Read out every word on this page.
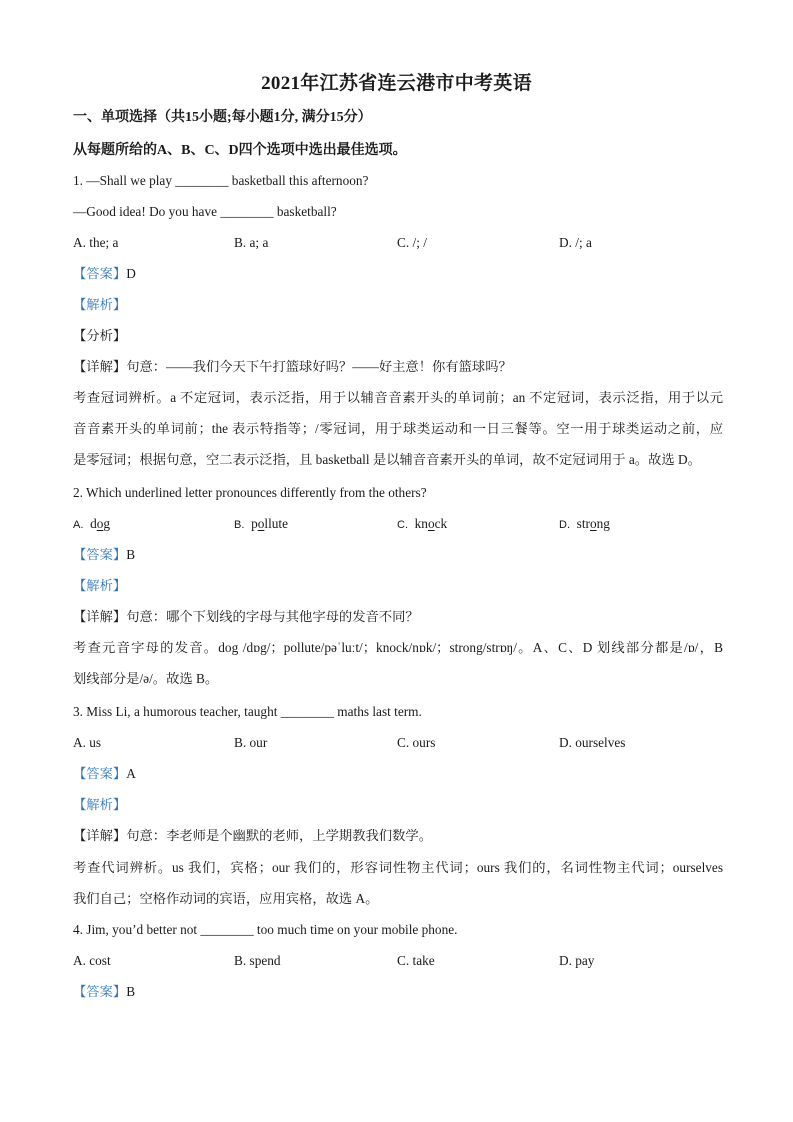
2021年江苏省连云港市中考英语
一、单项选择（共15小题;每小题1分, 满分15分）
从每题所给的A、B、C、D四个选项中选出最佳选项。
1. —Shall we play ________ basketball this afternoon?
—Good idea! Do you have ________ basketball?
A. the; a	B. a; a	C. /; /	D. /; a
【答案】D
【解析】
【分析】
【详解】句意：——我们今天下午打篮球好吗？——好主意！你有篮球吗？
考查冠词辨析。a 不定冠词，表示泛指，用于以辅音音素开头的单词前；an 不定冠词，表示泛指，用于以元
音音素开头的单词前；the 表示特指等；/零冠词，用于球类运动和一日三餐等。空一用于球类运动之前，应
是零冠词；根据句意，空二表示泛指，且 basketball 是以辅音音素开头的单词，故不定冠词用于 a。故选 D。
2. Which underlined letter pronounces differently from the others?
A. dog	B. pollute	C. knock	D. strong
【答案】B
【解析】
【详解】句意：哪个下划线的字母与其他字母的发音不同？
考查元音字母的发音。dog /dɒg/；pollute/pəˈluːt/；knock/nɒk/；strong/strɒŋ/。A、C、D 划线部分都是/ɒ/，B
划线部分是/ə/。故选 B。
3. Miss Li, a humorous teacher, taught ________ maths last term.
A. us	B. our	C. ours	D. ourselves
【答案】A
【解析】
【详解】句意：李老师是个幽默的老师，上学期教我们数学。
考查代词辨析。us 我们，宾格；our 我们的，形容词性物主代词；ours 我们的，名词性物主代词；ourselves
我们自己；空格作动词的宾语，应用宾格，故选 A。
4. Jim, you’d better not ________ too much time on your mobile phone.
A. cost	B. spend	C. take	D. pay
【答案】B
